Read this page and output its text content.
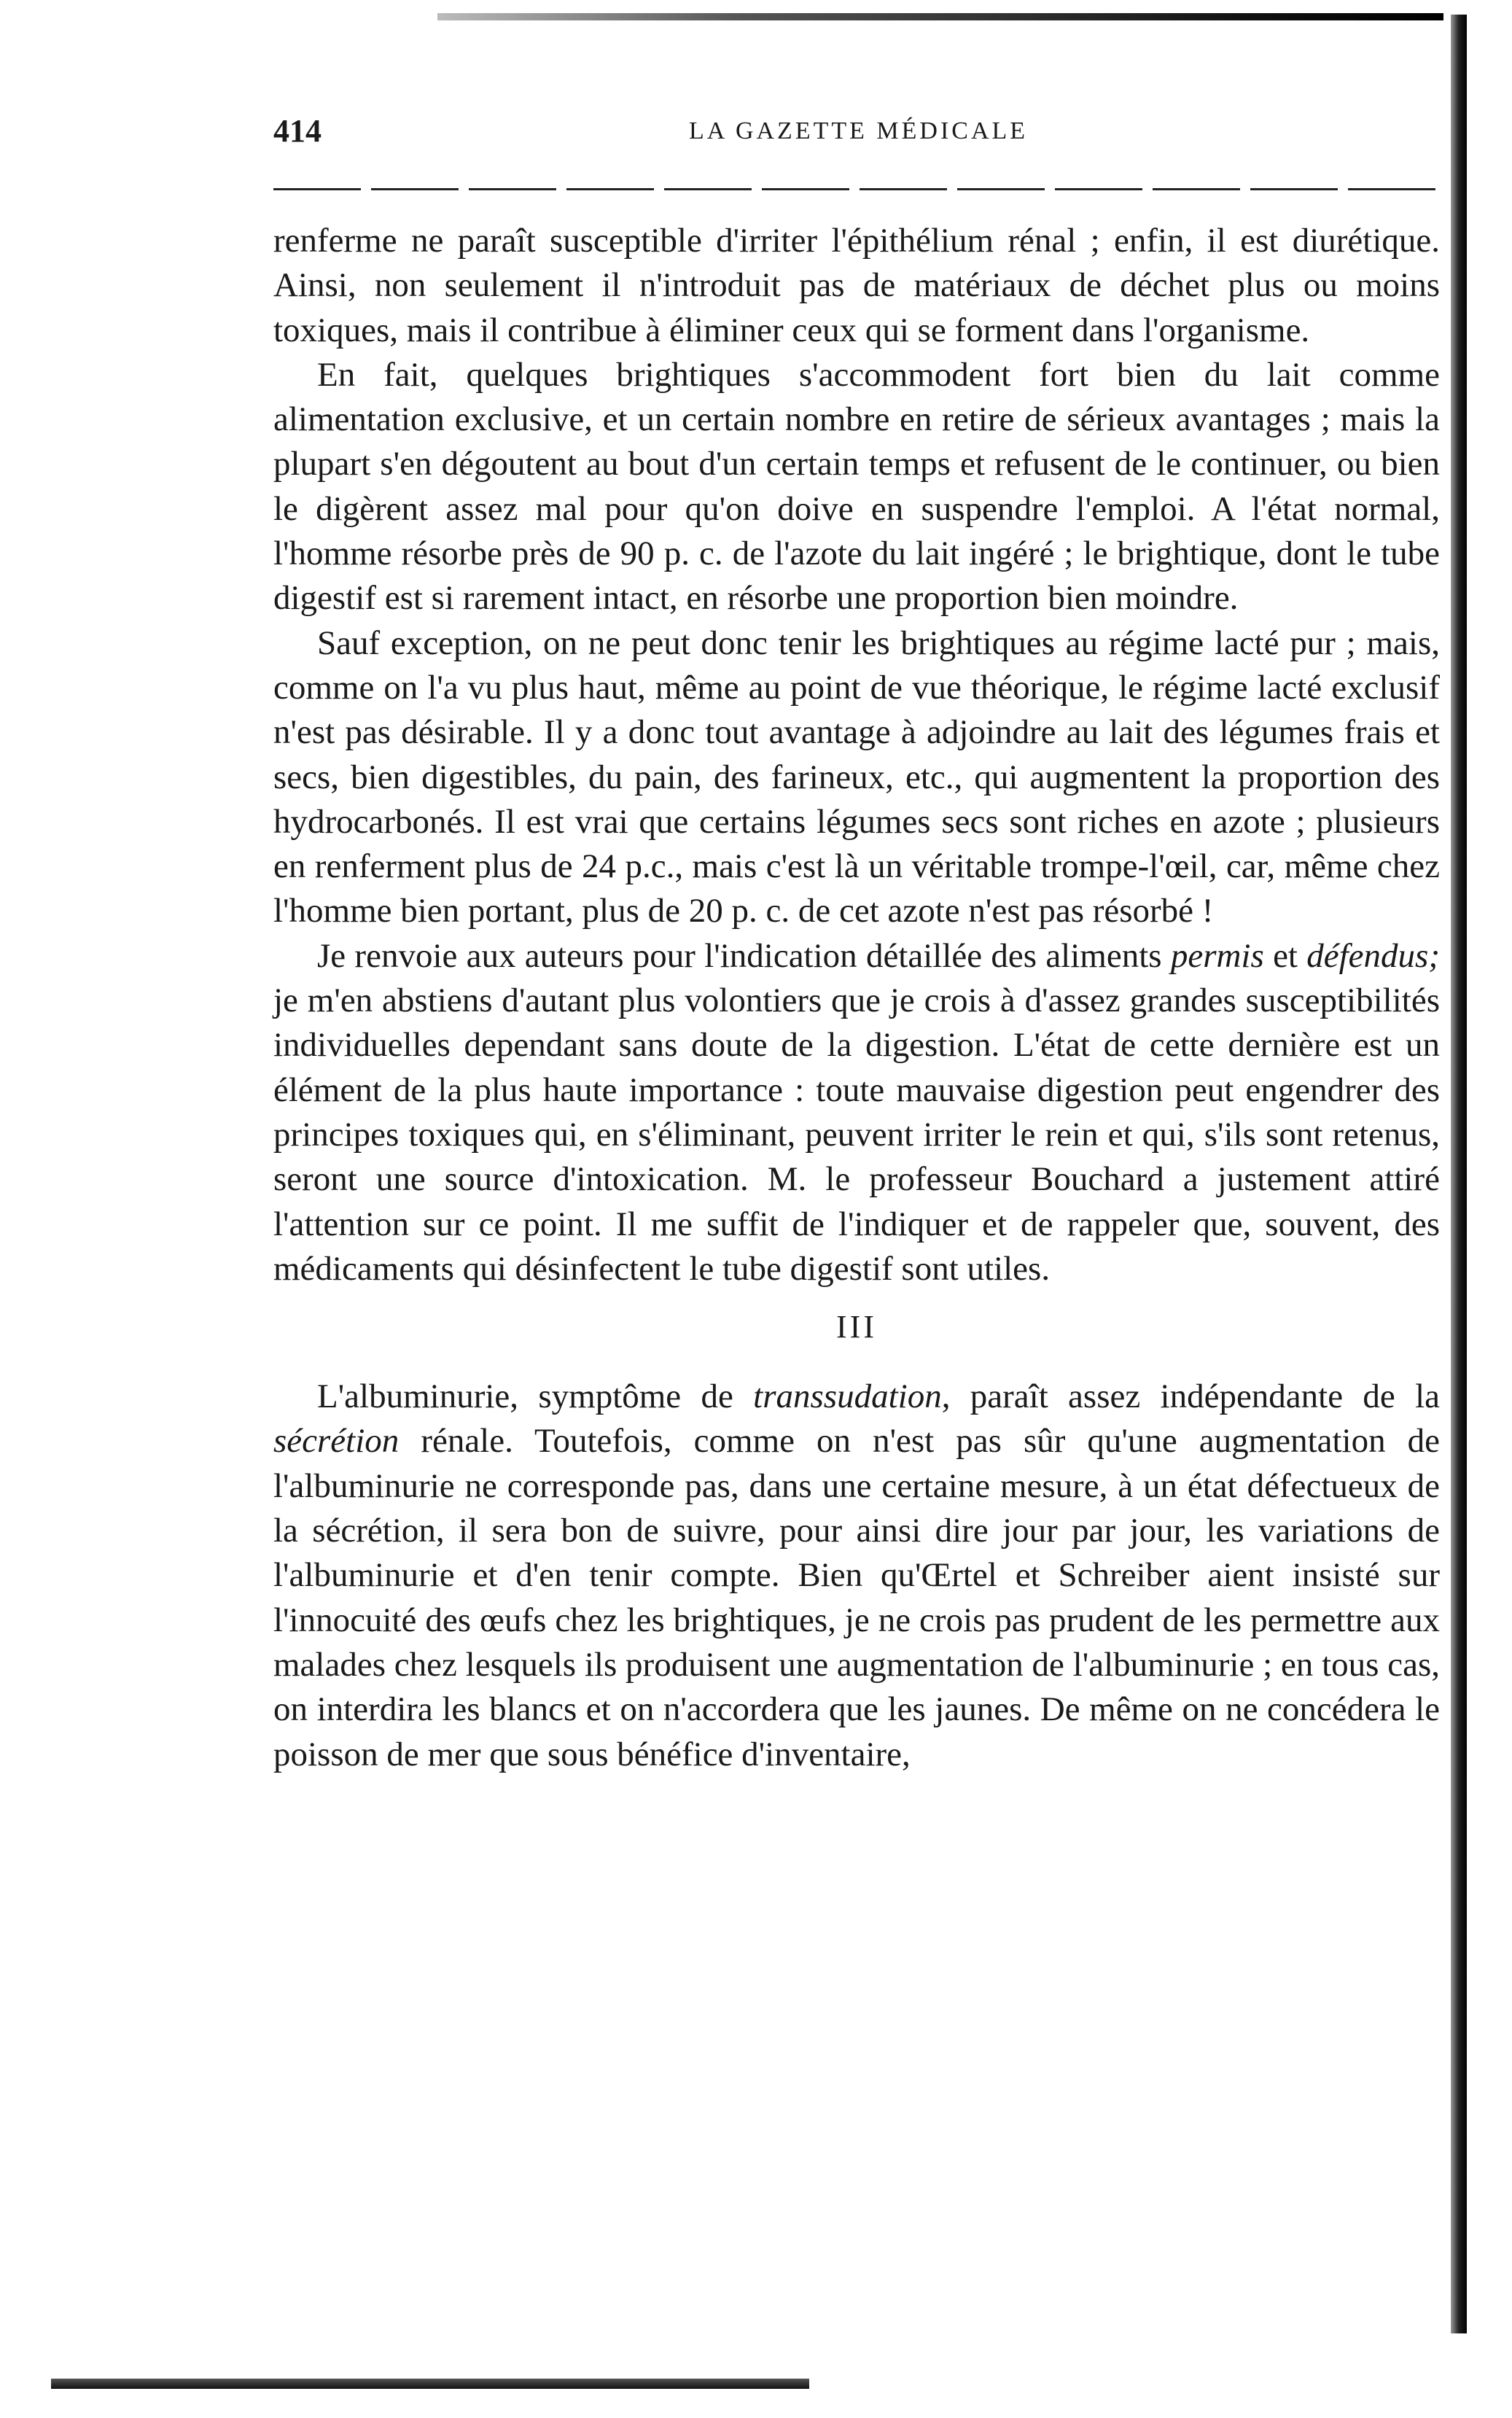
414	LA GAZETTE MÉDICALE

renferme ne paraît susceptible d'irriter l'épithélium rénal ; enfin, il est diurétique. Ainsi, non seulement il n'introduit pas de matériaux de déchet plus ou moins toxiques, mais il contribue à éliminer ceux qui se forment dans l'organisme.

En fait, quelques brightiques s'accommodent fort bien du lait comme alimentation exclusive, et un certain nombre en retire de sérieux avantages ; mais la plupart s'en dégoutent au bout d'un certain temps et refusent de le continuer, ou bien le digèrent assez mal pour qu'on doive en suspendre l'emploi. A l'état normal, l'homme résorbe près de 90 p. c. de l'azote du lait ingéré ; le brightique, dont le tube digestif est si rarement intact, en résorbe une proportion bien moindre.

Sauf exception, on ne peut donc tenir les brightiques au régime lacté pur ; mais, comme on l'a vu plus haut, même au point de vue théorique, le régime lacté exclusif n'est pas désirable. Il y a donc tout avantage à adjoindre au lait des légumes frais et secs, bien digestibles, du pain, des farineux, etc., qui augmentent la proportion des hydrocarbonés. Il est vrai que certains légumes secs sont riches en azote ; plusieurs en renferment plus de 24 p.c., mais c'est là un véritable trompe-l'œil, car, même chez l'homme bien portant, plus de 20 p. c. de cet azote n'est pas résorbé !

Je renvoie aux auteurs pour l'indication détaillée des aliments permis et défendus; je m'en abstiens d'autant plus volontiers que je crois à d'assez grandes susceptibilités individuelles dependant sans doute de la digestion. L'état de cette dernière est un élément de la plus haute importance : toute mauvaise digestion peut engendrer des principes toxiques qui, en s'éliminant, peuvent irriter le rein et qui, s'ils sont retenus, seront une source d'intoxication. M. le professeur Bouchard a justement attiré l'attention sur ce point. Il me suffit de l'indiquer et de rappeler que, souvent, des médicaments qui désinfectent le tube digestif sont utiles.

III

L'albuminurie, symptôme de transsudation, paraît assez indépendante de la sécrétion rénale. Toutefois, comme on n'est pas sûr qu'une augmentation de l'albuminurie ne corresponde pas, dans une certaine mesure, à un état défectueux de la sécrétion, il sera bon de suivre, pour ainsi dire jour par jour, les variations de l'albuminurie et d'en tenir compte. Bien qu'Œrtel et Schreiber aient insisté sur l'innocuité des œufs chez les brightiques, je ne crois pas prudent de les permettre aux malades chez lesquels ils produisent une augmentation de l'albuminurie ; en tous cas, on interdira les blancs et on n'accordera que les jaunes. De même on ne concédera le poisson de mer que sous bénéfice d'inventaire,
